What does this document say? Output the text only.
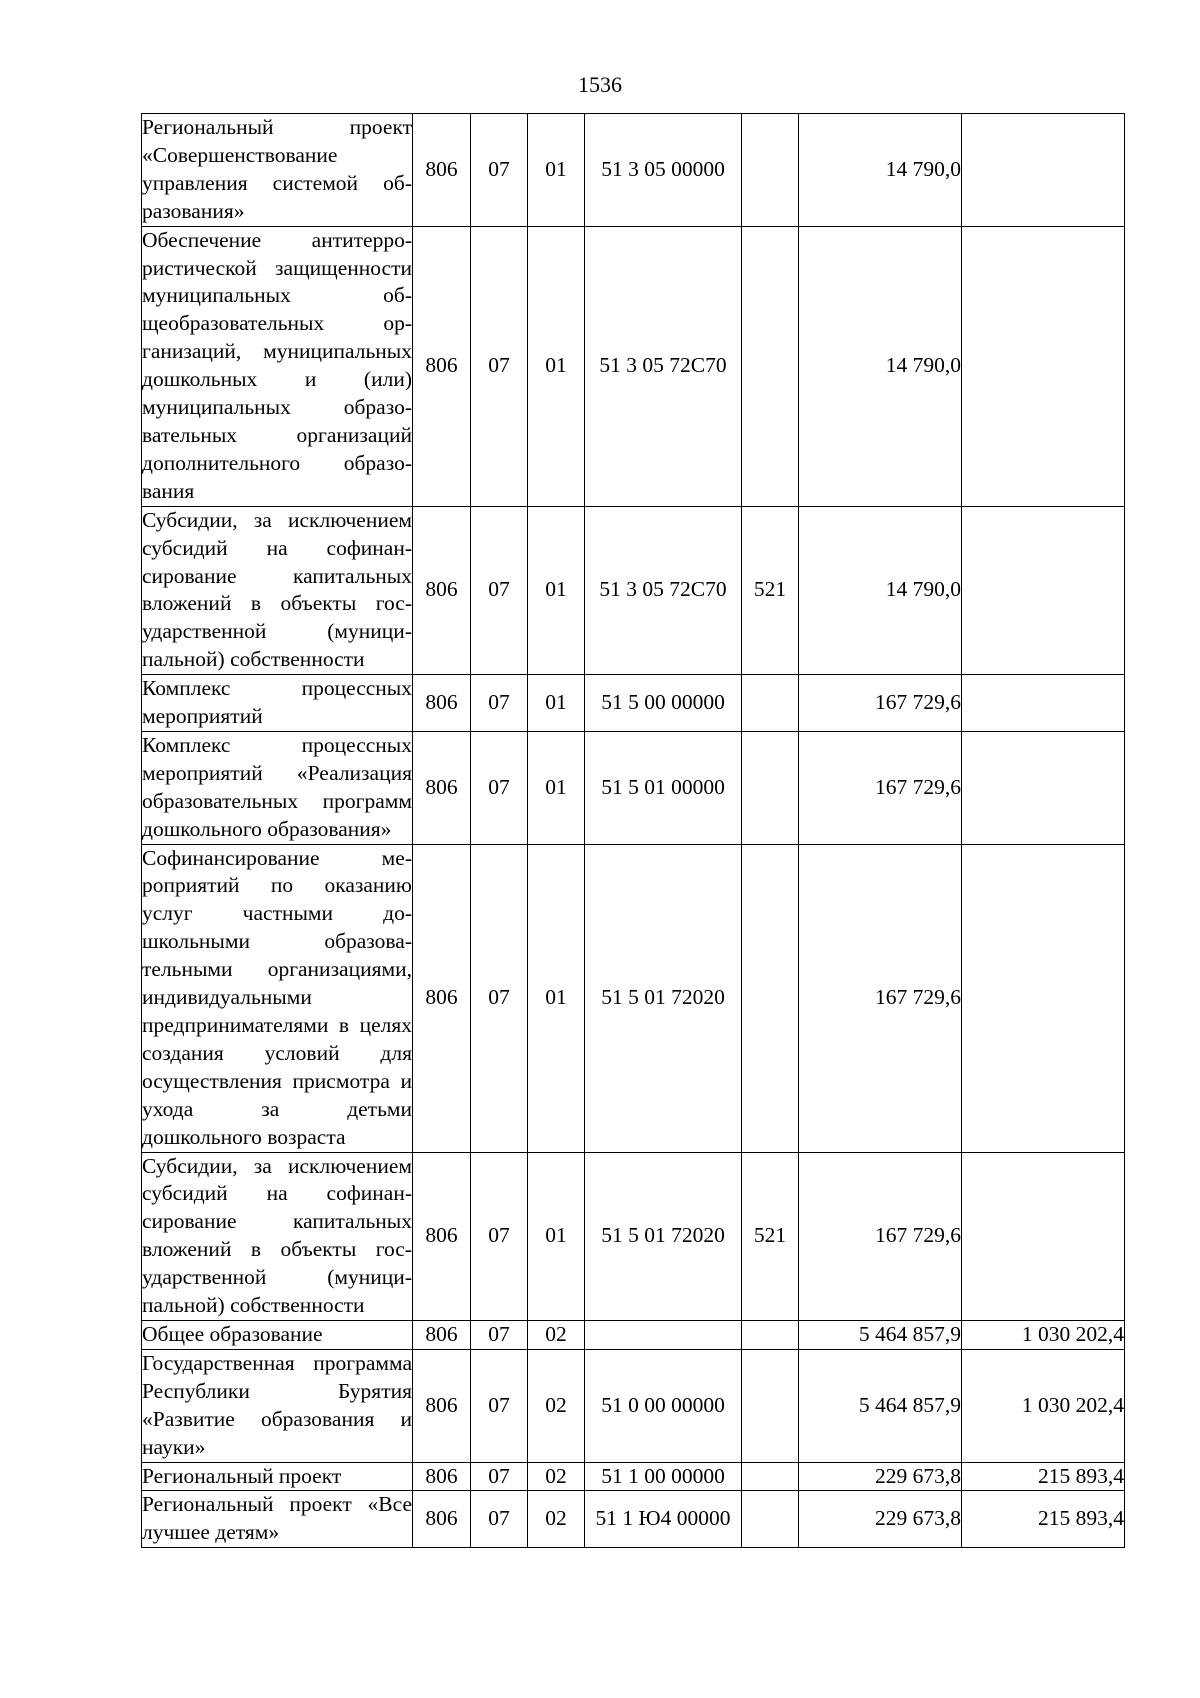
1536
Региональный проект «Совершенствование управления системой образования»	806	07	01	51 3 05 00000		14 790,0	
Обеспечение антитеррористической защищенности муниципальных общеобразовательных организаций, муниципальных дошкольных и (или) муниципальных образовательных организаций дополнительного образования	806	07	01	51 3 05 72С70		14 790,0	
Субсидии, за исключением субсидий на софинансирование капитальных вложений в объекты государственной (муниципальной) собственности	806	07	01	51 3 05 72С70	521	14 790,0	
Комплекс процессных мероприятий	806	07	01	51 5 00 00000		167 729,6	
Комплекс процессных мероприятий «Реализация образовательных программ дошкольного образования»	806	07	01	51 5 01 00000		167 729,6	
Софинансирование мероприятий по оказанию услуг частными дошкольными образовательными организациями, индивидуальными предпринимателями в целях создания условий для осуществления присмотра и ухода за детьми дошкольного возраста	806	07	01	51 5 01 72020		167 729,6	
Субсидии, за исключением субсидий на софинансирование капитальных вложений в объекты государственной (муниципальной) собственности	806	07	01	51 5 01 72020	521	167 729,6	
Общее образование	806	07	02			5 464 857,9	1 030 202,4
Государственная программа Республики Бурятия «Развитие образования и науки»	806	07	02	51 0 00 00000		5 464 857,9	1 030 202,4
Региональный проект	806	07	02	51 1 00 00000		229 673,8	215 893,4
Региональный проект «Все лучшее детям»	806	07	02	51 1 Ю4 00000		229 673,8	215 893,4
